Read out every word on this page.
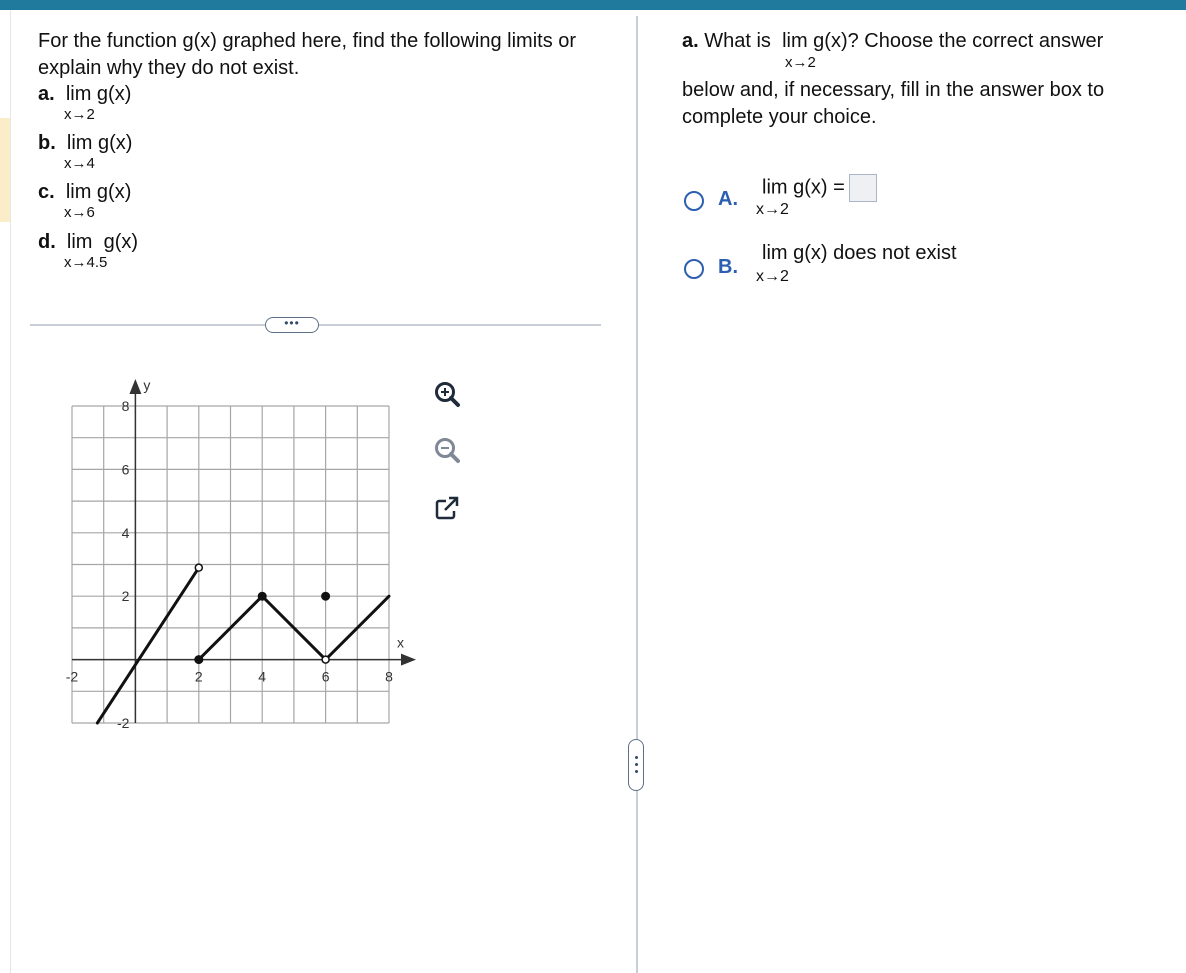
For the function g(x) graphed here, find the following limits or explain why they do not exist.
a. lim g(x)
x→2
b. lim g(x)
x→4
c. lim g(x)
x→6
d. lim  g(x)
x→4.5
•••
x
y
-2	2	4	6	8
8
6
4
2
-2
a. What is lim g(x)? Choose the correct answer
x→2
below and, if necessary, fill in the answer box to complete your choice.
A.
lim g(x) =
x→2
B.
lim g(x) does not exist
x→2
